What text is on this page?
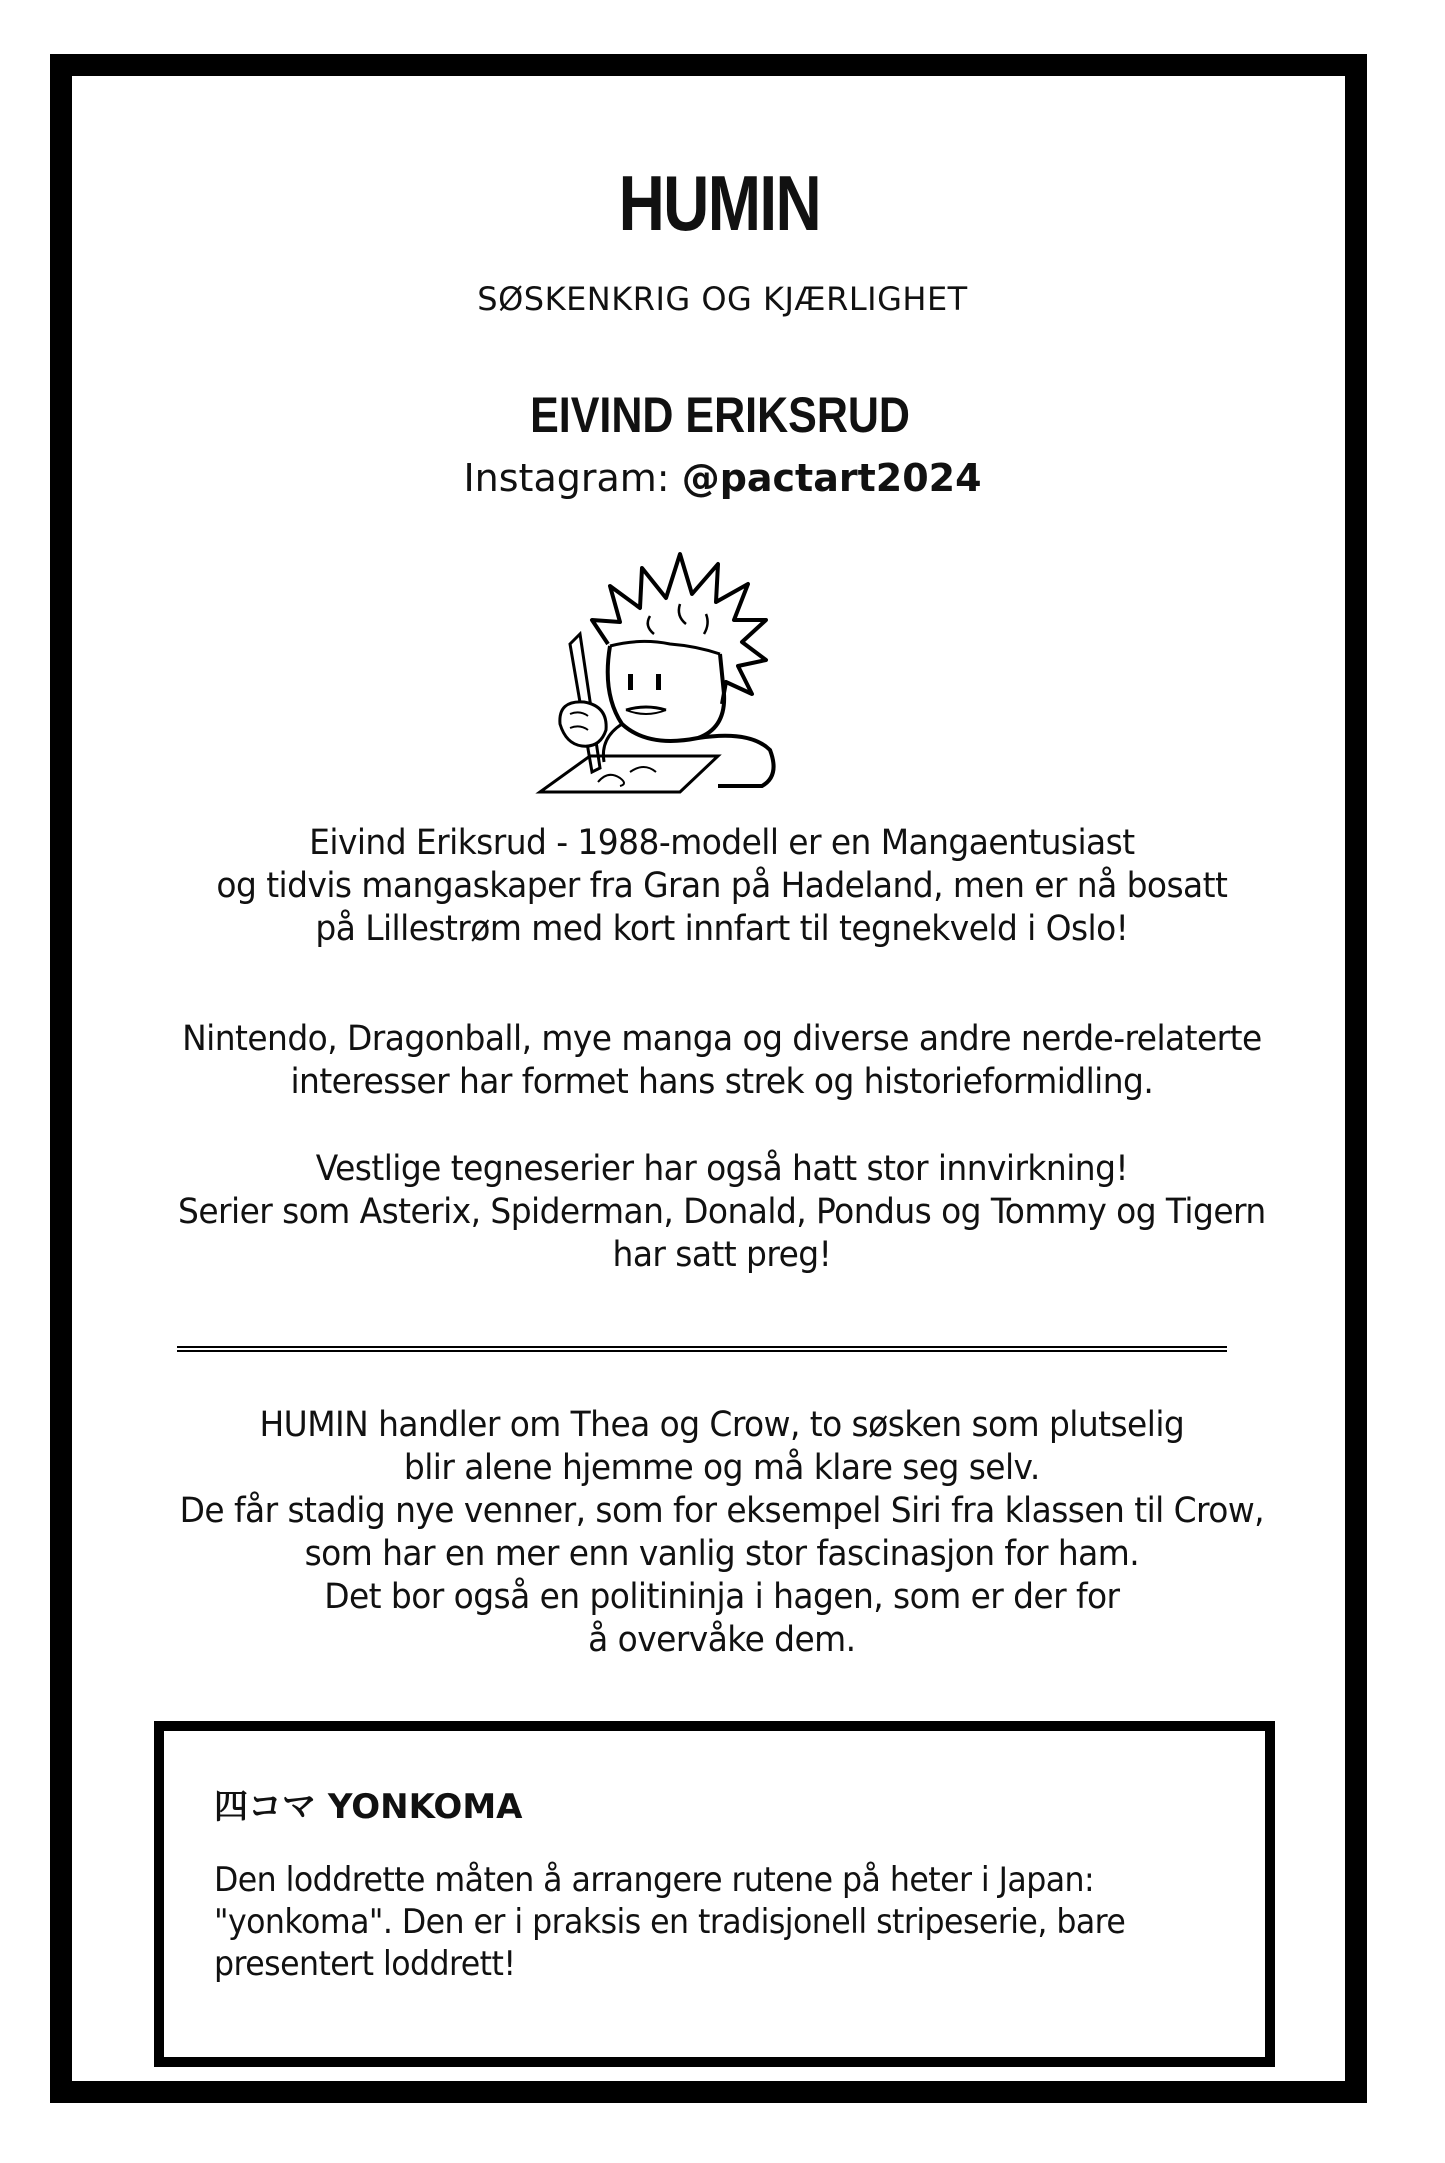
HUMIN
SØSKENKRIG OG KJÆRLIGHET
EIVIND ERIKSRUD
Instagram: @pactart2024
Eivind Eriksrud - 1988-modell er en Mangaentusiast
og tidvis mangaskaper fra Gran på Hadeland, men er nå bosatt
på Lillestrøm med kort innfart til tegnekveld i Oslo!
Nintendo, Dragonball, mye manga og diverse andre nerde-relaterte
interesser har formet hans strek og historieformidling.
Vestlige tegneserier har også hatt stor innvirkning!
Serier som Asterix, Spiderman, Donald, Pondus og Tommy og Tigern
har satt preg!
HUMIN handler om Thea og Crow, to søsken som plutselig
blir alene hjemme og må klare seg selv.
De får stadig nye venner, som for eksempel Siri fra klassen til Crow,
som har en mer enn vanlig stor fascinasjon for ham.
Det bor også en politininja i hagen, som er der for
å overvåke dem.
四コマ YONKOMA
Den loddrette måten å arrangere rutene på heter i Japan:
"yonkoma". Den er i praksis en tradisjonell stripeserie, bare
presentert loddrett!
